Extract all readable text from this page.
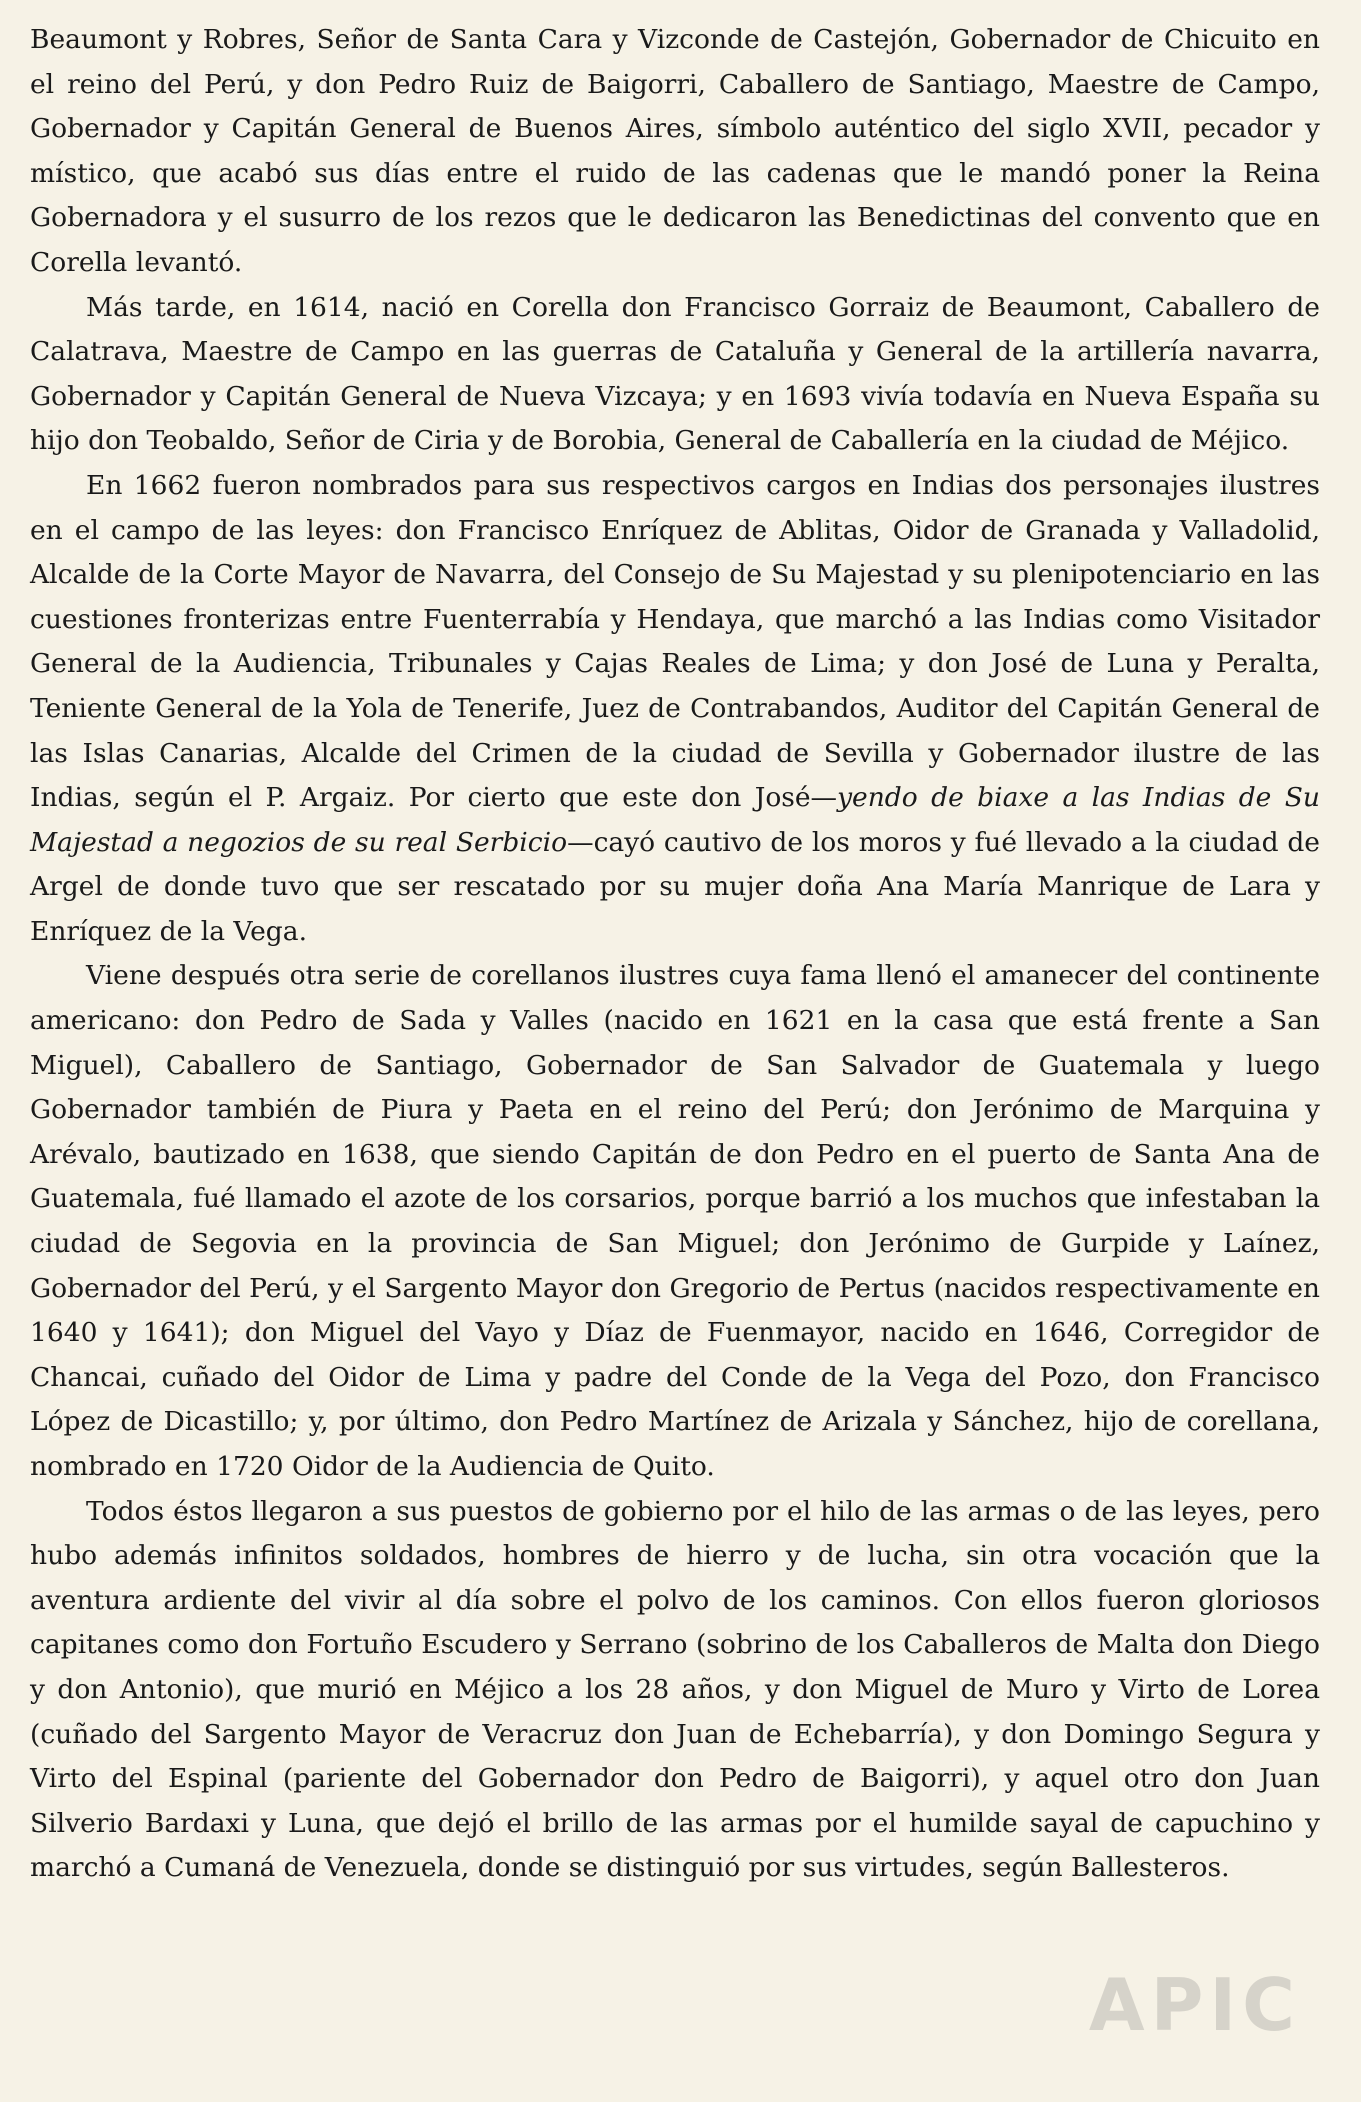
Beaumont y Robres, Señor de Santa Cara y Vizconde de Castejón, Gobernador de Chicuito en el reino del Perú, y don Pedro Ruiz de Baigorri, Caballero de Santiago, Maestre de Campo, Gobernador y Capitán General de Buenos Aires, símbolo auténtico del siglo XVII, pecador y místico, que acabó sus días entre el ruido de las cadenas que le mandó poner la Reina Gobernadora y el susurro de los rezos que le dedicaron las Benedictinas del convento que en Corella levantó.

Más tarde, en 1614, nació en Corella don Francisco Gorraiz de Beaumont, Caballero de Calatrava, Maestre de Campo en las guerras de Cataluña y General de la artillería navarra, Gobernador y Capitán General de Nueva Vizcaya; y en 1693 vivía todavía en Nueva España su hijo don Teobaldo, Señor de Ciria y de Borobia, General de Caballería en la ciudad de Méjico.

En 1662 fueron nombrados para sus respectivos cargos en Indias dos personajes ilustres en el campo de las leyes: don Francisco Enríquez de Ablitas, Oidor de Granada y Valladolid, Alcalde de la Corte Mayor de Navarra, del Consejo de Su Majestad y su plenipotenciario en las cuestiones fronterizas entre Fuenterrabía y Hendaya, que marchó a las Indias como Visitador General de la Audiencia, Tribunales y Cajas Reales de Lima; y don José de Luna y Peralta, Teniente General de la Yola de Tenerife, Juez de Contrabandos, Auditor del Capitán General de las Islas Canarias, Alcalde del Crimen de la ciudad de Sevilla y Gobernador ilustre de las Indias, según el P. Argaiz. Por cierto que este don José—yendo de biaxe a las Indias de Su Majestad a negozios de su real Serbicio—cayó cautivo de los moros y fué llevado a la ciudad de Argel de donde tuvo que ser rescatado por su mujer doña Ana María Manrique de Lara y Enríquez de la Vega.

Viene después otra serie de corellanos ilustres cuya fama llenó el amanecer del continente americano: don Pedro de Sada y Valles (nacido en 1621 en la casa que está frente a San Miguel), Caballero de Santiago, Gobernador de San Salvador de Guatemala y luego Gobernador también de Piura y Paeta en el reino del Perú; don Jerónimo de Marquina y Arévalo, bautizado en 1638, que siendo Capitán de don Pedro en el puerto de Santa Ana de Guatemala, fué llamado el azote de los corsarios, porque barrió a los muchos que infestaban la ciudad de Segovia en la provincia de San Miguel; don Jerónimo de Gurpide y Laínez, Gobernador del Perú, y el Sargento Mayor don Gregorio de Pertus (nacidos respectivamente en 1640 y 1641); don Miguel del Vayo y Díaz de Fuenmayor, nacido en 1646, Corregidor de Chancai, cuñado del Oidor de Lima y padre del Conde de la Vega del Pozo, don Francisco López de Dicastillo; y, por último, don Pedro Martínez de Arizala y Sánchez, hijo de corellana, nombrado en 1720 Oidor de la Audiencia de Quito.

Todos éstos llegaron a sus puestos de gobierno por el hilo de las armas o de las leyes, pero hubo además infinitos soldados, hombres de hierro y de lucha, sin otra vocación que la aventura ardiente del vivir al día sobre el polvo de los caminos. Con ellos fueron gloriosos capitanes como don Fortuño Escudero y Serrano (sobrino de los Caballeros de Malta don Diego y don Antonio), que murió en Méjico a los 28 años, y don Miguel de Muro y Virto de Lorea (cuñado del Sargento Mayor de Veracruz don Juan de Echebarría), y don Domingo Segura y Virto del Espinal (pariente del Gobernador don Pedro de Baigorri), y aquel otro don Juan Silverio Bardaxi y Luna, que dejó el brillo de las armas por el humilde sayal de capuchino y marchó a Cumaná de Venezuela, donde se distinguió por sus virtudes, según Ballesteros.

APIC
